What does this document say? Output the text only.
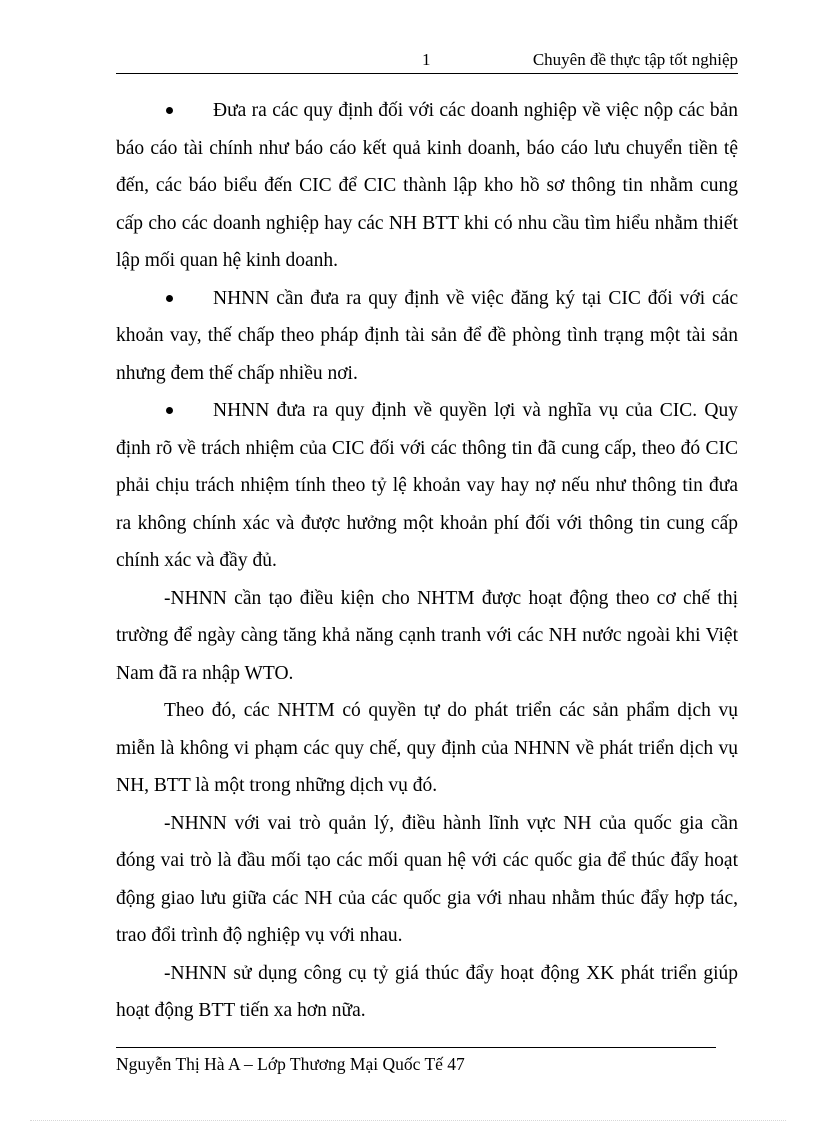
1	Chuyên đề thực tập tốt nghiệp
Đưa ra các quy định đối với các doanh nghiệp về việc nộp các bản báo cáo tài chính như báo cáo kết quả kinh doanh, báo cáo lưu chuyển tiền tệ đến, các báo biểu đến CIC để CIC thành lập kho hồ sơ thông tin nhằm cung cấp cho các doanh nghiệp hay các NH BTT khi có nhu cầu tìm hiểu nhằm thiết lập mối quan hệ kinh doanh.
NHNN cần đưa ra quy định về việc đăng ký tại CIC đối với các khoản vay, thế chấp theo pháp định tài sản để đề phòng tình trạng một tài sản nhưng đem thế chấp nhiều nơi.
NHNN đưa ra quy định về quyền lợi và nghĩa vụ của CIC. Quy định rõ về trách nhiệm của CIC đối với các thông tin đã cung cấp, theo đó CIC phải chịu trách nhiệm tính theo tỷ lệ khoản vay hay nợ nếu như thông tin đưa ra không chính xác và được hưởng một khoản phí đối với thông tin cung cấp chính xác và đầy đủ.

-NHNN cần tạo điều kiện cho NHTM được hoạt động theo cơ chế thị trường để ngày càng tăng khả năng cạnh tranh với các NH nước ngoài khi Việt Nam đã ra nhập WTO.

Theo đó, các NHTM có quyền tự do phát triển các sản phẩm dịch vụ miễn là không vi phạm các quy chế, quy định của NHNN về phát triển dịch vụ NH, BTT là một trong những dịch vụ đó.

-NHNN với vai trò quản lý, điều hành lĩnh vực NH của quốc gia cần đóng vai trò là đầu mối tạo các mối quan hệ với các quốc gia để thúc đẩy hoạt động giao lưu giữa các NH của các quốc gia với nhau nhằm thúc đẩy hợp tác, trao đổi trình độ nghiệp vụ với nhau.

-NHNN sử dụng công cụ tỷ giá thúc đẩy hoạt động XK phát triển giúp hoạt động BTT tiến xa hơn nữa.

Nguyễn Thị Hà A – Lớp Thương Mại Quốc Tế 47
